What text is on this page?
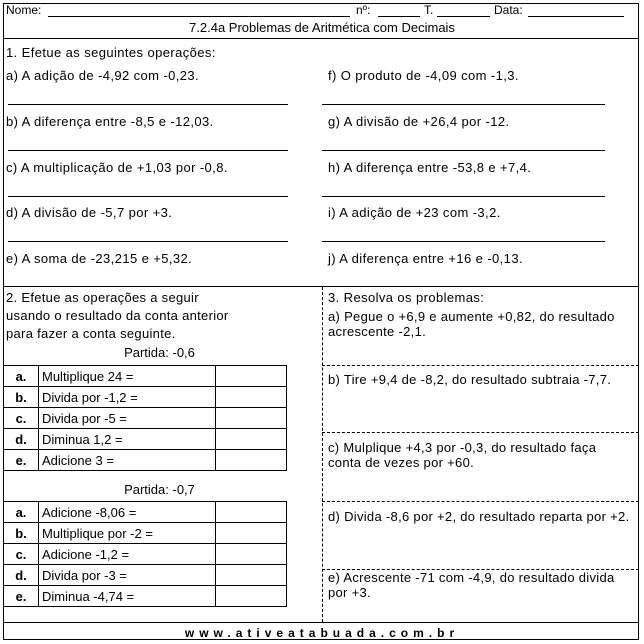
Nome:	nº:	T.	Data:
7.2.4a Problemas de Aritmética com Decimais
1. Efetue as seguintes operações:
a) A adição de -4,92 com -0,23.
b) A diferença entre -8,5 e -12,03.
c) A multiplicação de +1,03 por -0,8.
d) A divisão de -5,7 por +3.
e) A soma de -23,215 e +5,32.
f) O produto de -4,09 com -1,3.
g) A divisão de +26,4 por -12.
h) A diferença entre -53,8 e +7,4.
i) A adição de +23 com -3,2.
j) A diferença entre +16 e -0,13.
2. Efetue as operações a seguir
usando o resultado da conta anterior
para fazer a conta seguinte.
Partida: -0,6
a.	Multiplique 24 =	
b.	Divida por -1,2 =	
c.	Divida por -5 =	
d.	Diminua 1,2 =	
e.	Adicione 3 =	
Partida: -0,7
a.	Adicione -8,06 =	
b.	Multiplique por -2 =	
c.	Adicione -1,2 =	
d.	Divida por -3 =	
e.	Diminua -4,74 =	
3. Resolva os problemas:
a) Pegue o +6,9 e aumente +0,82, do resultado acrescente -2,1.
b) Tire +9,4 de -8,2, do resultado subtraia -7,7.
c) Mulplique +4,3 por -0,3, do resultado faça conta de vezes por +60.
d) Divida -8,6 por +2, do resultado reparta por +2.
e) Acrescente -71 com -4,9, do resultado divida por +3.
www.ativeatabuada.com.br
